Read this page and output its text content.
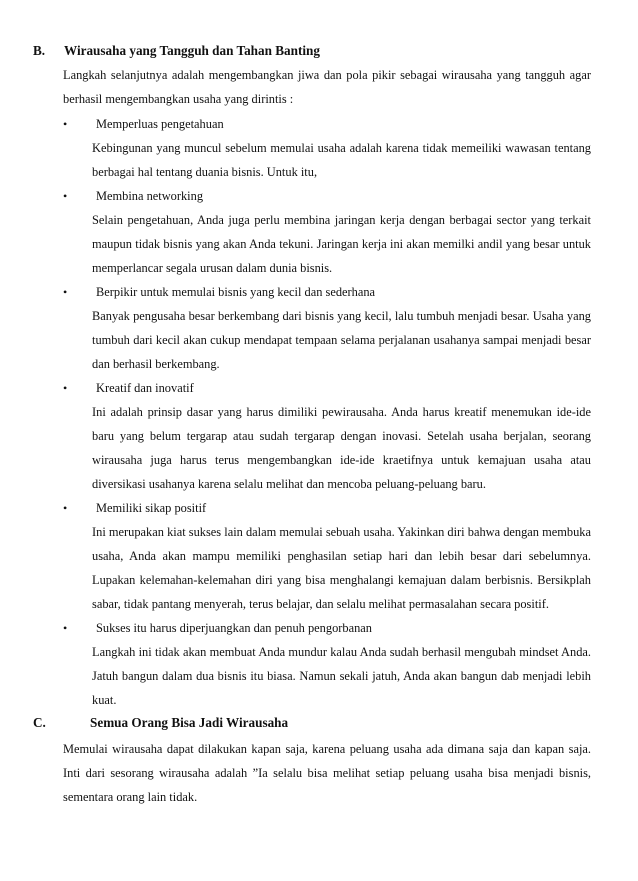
B. Wirausaha yang Tangguh dan Tahan Banting

Langkah selanjutnya adalah mengembangkan jiwa dan pola pikir sebagai wirausaha yang tangguh agar berhasil mengembangkan usaha yang dirintis :

• Memperluas pengetahuan

Kebingunan yang muncul sebelum memulai usaha adalah karena tidak memeiliki wawasan tentang berbagai hal tentang duania bisnis. Untuk itu,

• Membina networking

Selain pengetahuan, Anda juga perlu membina jaringan kerja dengan berbagai sector yang terkait maupun tidak bisnis yang akan Anda tekuni. Jaringan kerja ini akan memilki andil yang besar untuk memperlancar segala urusan dalam dunia bisnis.

• Berpikir untuk memulai bisnis yang kecil dan sederhana

Banyak pengusaha besar berkembang dari bisnis yang kecil, lalu tumbuh menjadi besar. Usaha yang tumbuh dari kecil akan cukup mendapat tempaan selama perjalanan usahanya sampai menjadi besar dan berhasil berkembang.

• Kreatif dan inovatif

Ini adalah prinsip dasar yang harus dimiliki pewirausaha. Anda harus kreatif menemukan ide-ide baru yang belum tergarap atau sudah tergarap dengan inovasi. Setelah usaha berjalan, seorang wirausaha juga harus terus mengembangkan ide-ide kraetifnya untuk kemajuan usaha atau diversikasi usahanya karena selalu melihat dan mencoba peluang-peluang baru.

• Memiliki sikap positif

Ini merupakan kiat sukses lain dalam memulai sebuah usaha. Yakinkan diri bahwa dengan membuka usaha, Anda akan mampu memiliki penghasilan setiap hari dan lebih besar dari sebelumnya. Lupakan kelemahan-kelemahan diri yang bisa menghalangi kemajuan dalam berbisnis. Bersikplah sabar, tidak pantang menyerah, terus belajar, dan selalu melihat permasalahan secara positif.

• Sukses itu harus diperjuangkan dan penuh pengorbanan

Langkah ini tidak akan membuat Anda mundur kalau Anda sudah berhasil mengubah mindset Anda. Jatuh bangun dalam dua bisnis itu biasa. Namun sekali jatuh, Anda akan bangun dab menjadi lebih kuat.

C.	Semua Orang Bisa Jadi Wirausaha

Memulai wirausaha dapat dilakukan kapan saja, karena peluang usaha ada dimana saja dan kapan saja. Inti dari sesorang wirausaha adalah ”Ia selalu bisa melihat setiap peluang usaha bisa menjadi bisnis, sementara orang lain tidak.
